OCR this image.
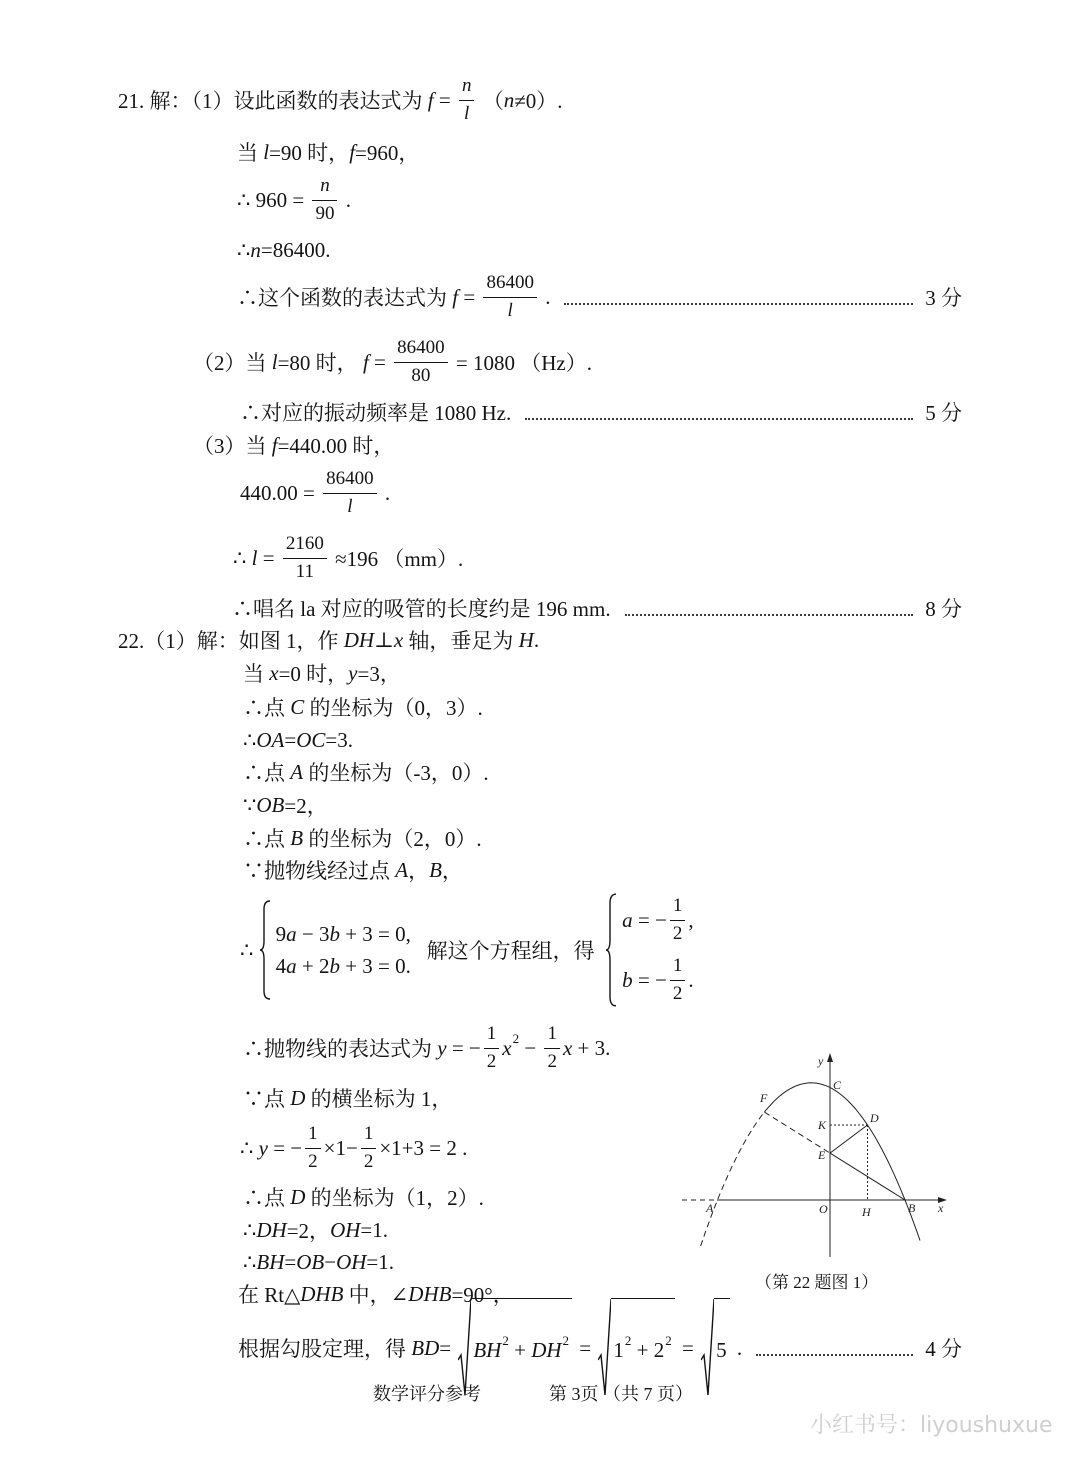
21. 解：（1）设此函数的表达式为 $f = \frac{n}{l}$ （ n ≠0）.
当 l =90 时， f =960，
∴ $960 = \frac{n}{90}$ .
∴ n =86400.
∴这个函数的表达式为 $f = \frac{86400}{l}$ .	3 分
（2）当 l =80 时， $f = \frac{86400}{80} = 1080$ （Hz）.
∴对应的振动频率是 1080 Hz.	5 分
（3）当 f =440.00 时，
$440.00 = \frac{86400}{l}$ .
∴ $l = \frac{2160}{11} \approx 196$ （mm）.
∴唱名 la 对应的吸管的长度约是 196 mm.	8 分
22.（1）解：如图 1，作 DH ⊥ x 轴，垂足为 H .
当 x =0 时， y =3，
∴点 C 的坐标为（0，3）.
∴ OA = OC =3.
∴点 A 的坐标为（-3，0）.
∵ OB =2，
∴点 B 的坐标为（2，0）.
∵抛物线经过点 A ， B ，
∴
9 a − 3 b + 3 = 0,
4 a + 2 b + 3 = 0.
解这个方程组，得
a = − $\frac{1}{2}$ ,
b = − $\frac{1}{2}$ .
∴抛物线的表达式为 y = − $\frac{1}{2}$ x $2 - \frac{1}{2}$ x + 3.
∵点 D 的横坐标为 1，
∴ y = − $\frac{1}{2} \times 1- \frac{1}{2} \times 1+3 = 2$ .
∴点 D 的坐标为（1，2）.
∴ DH =2， OH =1.
∴ BH = OB − OH =1.
在 Rt△ DHB 中，∠ DHB =90°，
根据勾股定理，得 BD = BH 2 + DH 2 = 1 2 + 2 2 = 5 .	4 分
y
x
O
A	H	B
C
F
D
K
E
（第 22 题图 1）
数学评分参考	第 3页 （共 7 页）
小红书号：liyoushuxue
